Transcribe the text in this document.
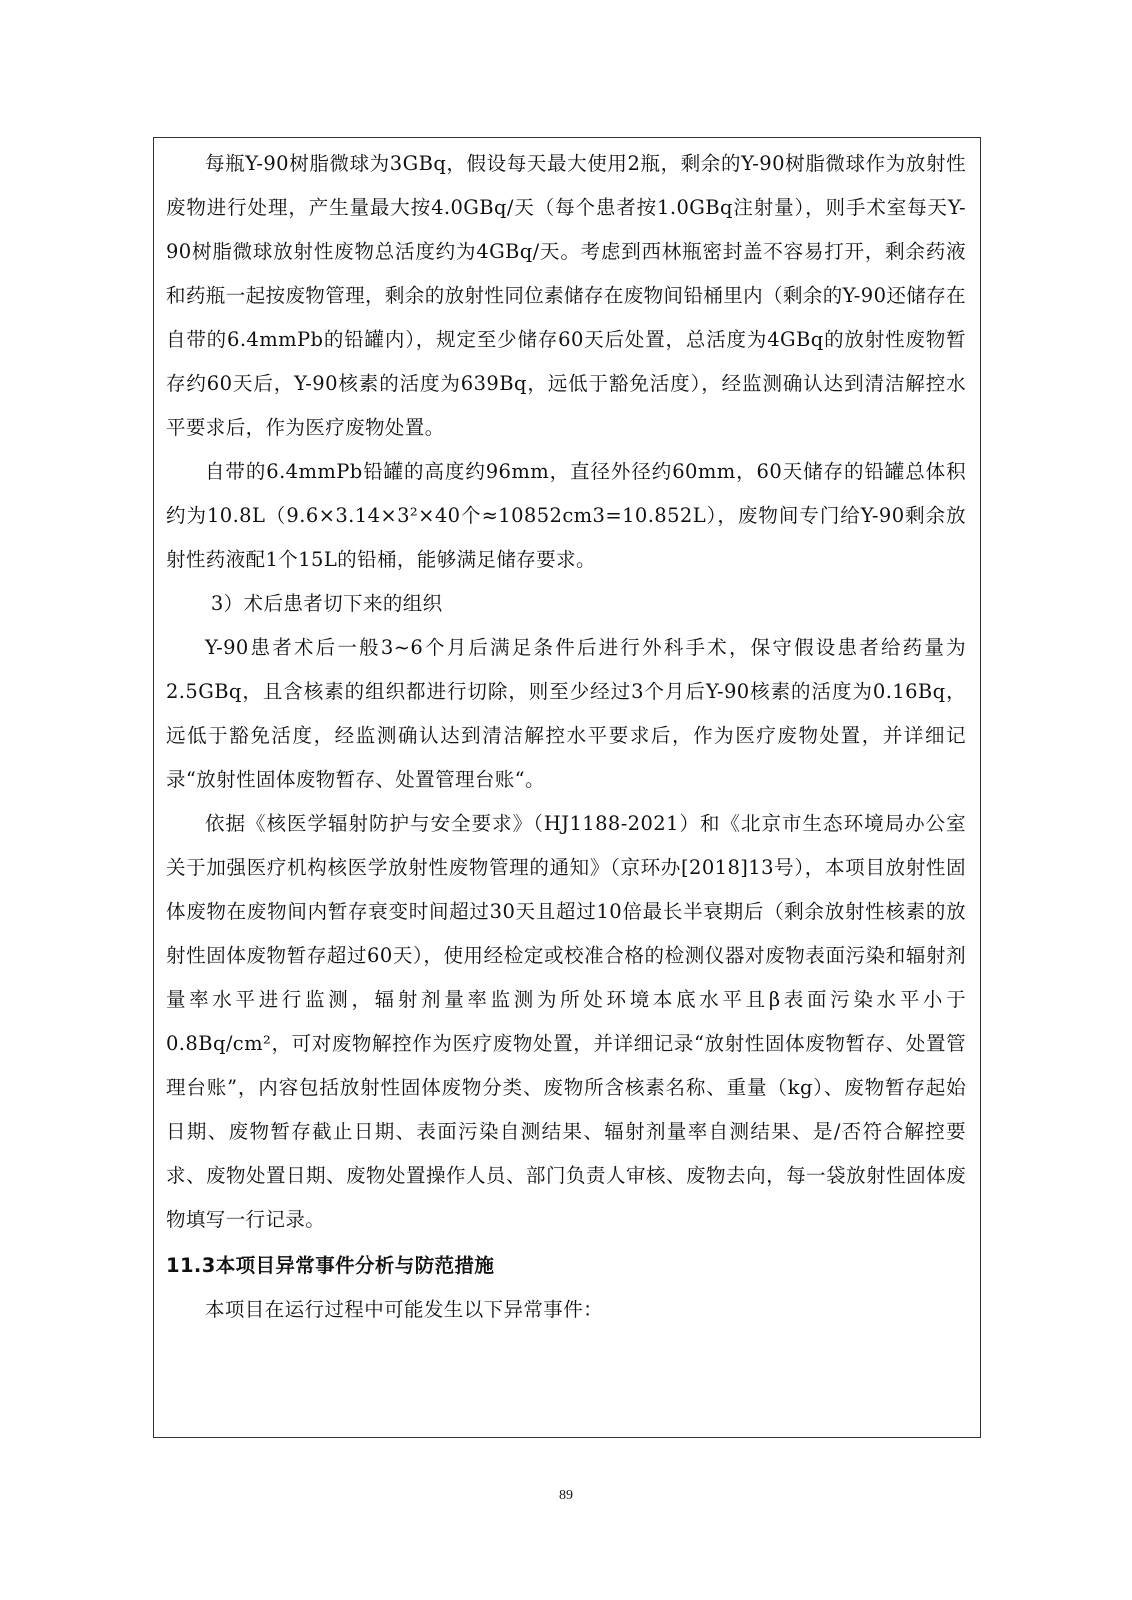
每瓶Y-90树脂微球为3GBq，假设每天最大使用2瓶，剩余的Y-90树脂微球作为放射性废物进行处理，产生量最大按4.0GBq/天（每个患者按1.0GBq注射量），则手术室每天Y-90树脂微球放射性废物总活度约为4GBq/天。考虑到西林瓶密封盖不容易打开，剩余药液和药瓶一起按废物管理，剩余的放射性同位素储存在废物间铅桶里内（剩余的Y-90还储存在自带的6.4mmPb的铅罐内），规定至少储存60天后处置，总活度为4GBq的放射性废物暂存约60天后，Y-90核素的活度为639Bq，远低于豁免活度），经监测确认达到清洁解控水平要求后，作为医疗废物处置。

自带的6.4mmPb铅罐的高度约96mm，直径外径约60mm，60天储存的铅罐总体积约为10.8L（9.6×3.14×3²×40个≈10852cm3=10.852L），废物间专门给Y-90剩余放射性药液配1个15L的铅桶，能够满足储存要求。

3）术后患者切下来的组织

Y-90患者术后一般3~6个月后满足条件后进行外科手术，保守假设患者给药量为2.5GBq，且含核素的组织都进行切除，则至少经过3个月后Y-90核素的活度为0.16Bq，远低于豁免活度，经监测确认达到清洁解控水平要求后，作为医疗废物处置，并详细记录“放射性固体废物暂存、处置管理台账“。

依据《核医学辐射防护与安全要求》（HJ1188-2021）和《北京市生态环境局办公室关于加强医疗机构核医学放射性废物管理的通知》（京环办[2018]13号），本项目放射性固体废物在废物间内暂存衰变时间超过30天且超过10倍最长半衰期后（剩余放射性核素的放射性固体废物暂存超过60天），使用经检定或校准合格的检测仪器对废物表面污染和辐射剂量率水平进行监测，辐射剂量率监测为所处环境本底水平且β表面污染水平小于0.8Bq/cm²，可对废物解控作为医疗废物处置，并详细记录“放射性固体废物暂存、处置管理台账”，内容包括放射性固体废物分类、废物所含核素名称、重量（kg）、废物暂存起始日期、废物暂存截止日期、表面污染自测结果、辐射剂量率自测结果、是/否符合解控要求、废物处置日期、废物处置操作人员、部门负责人审核、废物去向，每一袋放射性固体废物填写一行记录。

11.3本项目异常事件分析与防范措施

本项目在运行过程中可能发生以下异常事件：

89
